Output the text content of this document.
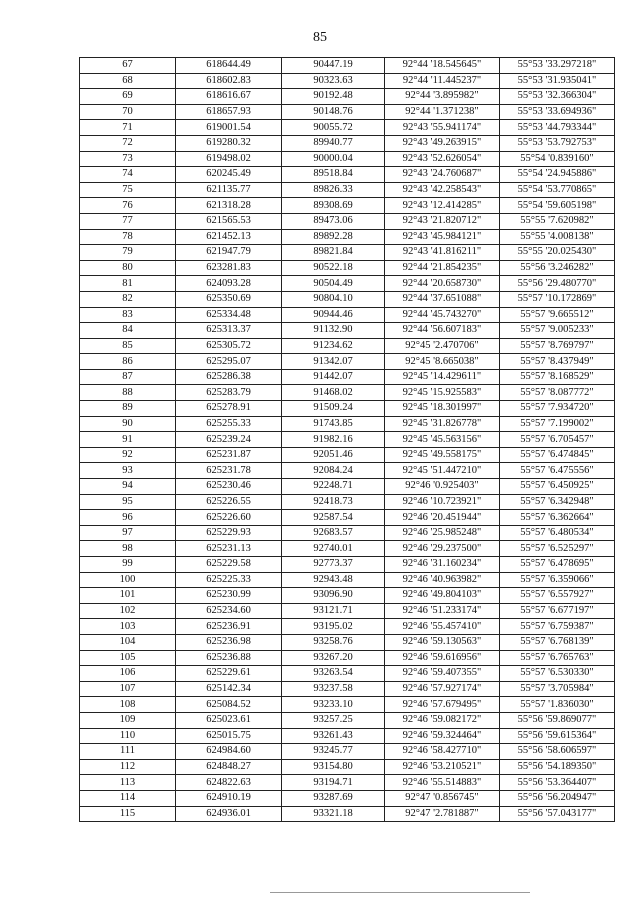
85
67	618644.49	90447.19	92°44 '18.545645"	55°53 '33.297218"
68	618602.83	90323.63	92°44 '11.445237"	55°53 '31.935041"
69	618616.67	90192.48	92°44 '3.895982"	55°53 '32.366304"
70	618657.93	90148.76	92°44 '1.371238"	55°53 '33.694936"
71	619001.54	90055.72	92°43 '55.941174"	55°53 '44.793344"
72	619280.32	89940.77	92°43 '49.263915"	55°53 '53.792753"
73	619498.02	90000.04	92°43 '52.626054"	55°54 '0.839160"
74	620245.49	89518.84	92°43 '24.760687"	55°54 '24.945886"
75	621135.77	89826.33	92°43 '42.258543"	55°54 '53.770865"
76	621318.28	89308.69	92°43 '12.414285"	55°54 '59.605198"
77	621565.53	89473.06	92°43 '21.820712"	55°55 '7.620982"
78	621452.13	89892.28	92°43 '45.984121"	55°55 '4.008138"
79	621947.79	89821.84	92°43 '41.816211"	55°55 '20.025430"
80	623281.83	90522.18	92°44 '21.854235"	55°56 '3.246282"
81	624093.28	90504.49	92°44 '20.658730"	55°56 '29.480770"
82	625350.69	90804.10	92°44 '37.651088"	55°57 '10.172869"
83	625334.48	90944.46	92°44 '45.743270"	55°57 '9.665512"
84	625313.37	91132.90	92°44 '56.607183"	55°57 '9.005233"
85	625305.72	91234.62	92°45 '2.470706"	55°57 '8.769797"
86	625295.07	91342.07	92°45 '8.665038"	55°57 '8.437949"
87	625286.38	91442.07	92°45 '14.429611"	55°57 '8.168529"
88	625283.79	91468.02	92°45 '15.925583"	55°57 '8.087772"
89	625278.91	91509.24	92°45 '18.301997"	55°57 '7.934720"
90	625255.33	91743.85	92°45 '31.826778"	55°57 '7.199002"
91	625239.24	91982.16	92°45 '45.563156"	55°57 '6.705457"
92	625231.87	92051.46	92°45 '49.558175"	55°57 '6.474845"
93	625231.78	92084.24	92°45 '51.447210"	55°57 '6.475556"
94	625230.46	92248.71	92°46 '0.925403"	55°57 '6.450925"
95	625226.55	92418.73	92°46 '10.723921"	55°57 '6.342948"
96	625226.60	92587.54	92°46 '20.451944"	55°57 '6.362664"
97	625229.93	92683.57	92°46 '25.985248"	55°57 '6.480534"
98	625231.13	92740.01	92°46 '29.237500"	55°57 '6.525297"
99	625229.58	92773.37	92°46 '31.160234"	55°57 '6.478695"
100	625225.33	92943.48	92°46 '40.963982"	55°57 '6.359066"
101	625230.99	93096.90	92°46 '49.804103"	55°57 '6.557927"
102	625234.60	93121.71	92°46 '51.233174"	55°57 '6.677197"
103	625236.91	93195.02	92°46 '55.457410"	55°57 '6.759387"
104	625236.98	93258.76	92°46 '59.130563"	55°57 '6.768139"
105	625236.88	93267.20	92°46 '59.616956"	55°57 '6.765763"
106	625229.61	93263.54	92°46 '59.407355"	55°57 '6.530330"
107	625142.34	93237.58	92°46 '57.927174"	55°57 '3.705984"
108	625084.52	93233.10	92°46 '57.679495"	55°57 '1.836030"
109	625023.61	93257.25	92°46 '59.082172"	55°56 '59.869077"
110	625015.75	93261.43	92°46 '59.324464"	55°56 '59.615364"
111	624984.60	93245.77	92°46 '58.427710"	55°56 '58.606597"
112	624848.27	93154.80	92°46 '53.210521"	55°56 '54.189350"
113	624822.63	93194.71	92°46 '55.514883"	55°56 '53.364407"
114	624910.19	93287.69	92°47 '0.856745"	55°56 '56.204947"
115	624936.01	93321.18	92°47 '2.781887"	55°56 '57.043177"
